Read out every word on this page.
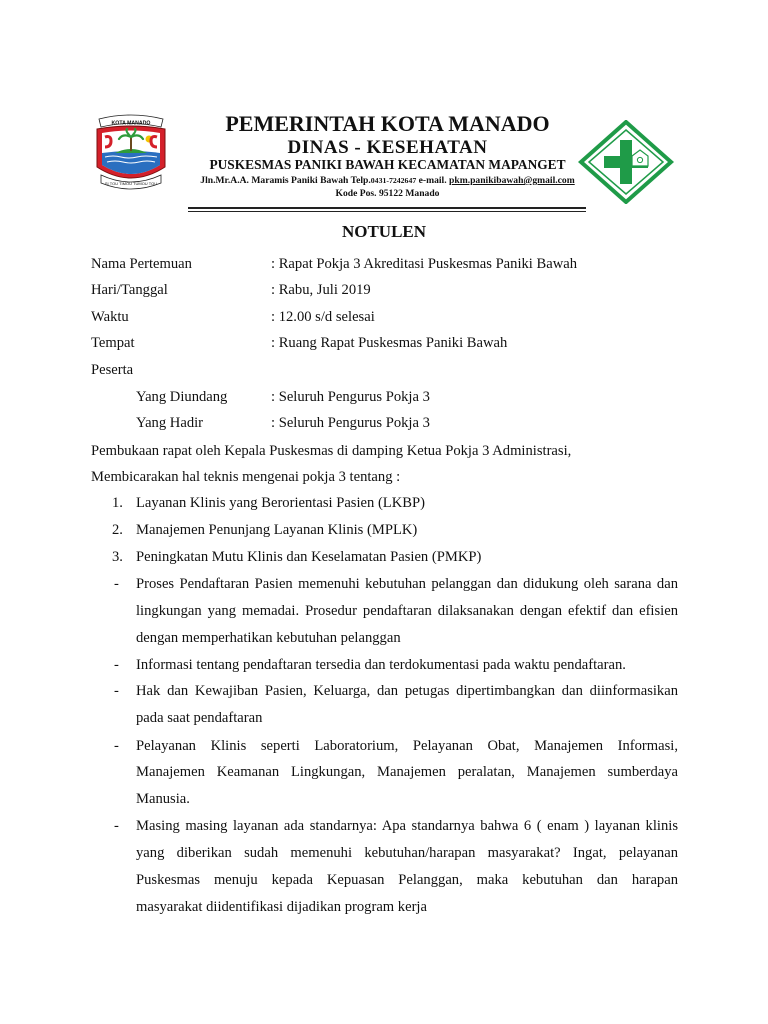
KOTA MANADO
SI TOU TIMOU TUMOU TOU
PEMERINTAH KOTA MANADO
DINAS - KESEHATAN
PUSKESMAS PANIKI BAWAH KECAMATAN MAPANGET
Jln.Mr.A.A. Maramis Paniki Bawah Telp.0431-7242647 e-mail. pkm.panikibawah@gmail.com
Kode Pos. 95122 Manado
NOTULEN
Nama Pertemuan	: Rapat Pokja 3 Akreditasi Puskesmas Paniki Bawah
Hari/Tanggal	: Rabu, Juli 2019
Waktu	: 12.00 s/d selesai
Tempat	: Ruang Rapat Puskesmas Paniki Bawah
Peserta
Yang Diundang	: Seluruh Pengurus Pokja 3
Yang Hadir	: Seluruh Pengurus Pokja 3
Pembukaan rapat oleh Kepala Puskesmas di damping Ketua Pokja 3 Administrasi,
Membicarakan hal teknis mengenai pokja 3 tentang :
1. Layanan Klinis yang Berorientasi Pasien (LKBP)
2. Manajemen Penunjang Layanan Klinis (MPLK)
3. Peningkatan Mutu Klinis dan Keselamatan Pasien (PMKP)
- Proses Pendaftaran Pasien memenuhi kebutuhan pelanggan dan didukung oleh sarana dan
lingkungan yang memadai. Prosedur pendaftaran dilaksanakan dengan efektif dan efisien
dengan memperhatikan kebutuhan pelanggan
- Informasi tentang pendaftaran tersedia dan terdokumentasi pada waktu pendaftaran.
- Hak dan Kewajiban Pasien, Keluarga, dan petugas dipertimbangkan dan diinformasikan
pada saat pendaftaran
- Pelayanan Klinis seperti Laboratorium, Pelayanan Obat, Manajemen Informasi,
Manajemen Keamanan Lingkungan, Manajemen peralatan, Manajemen sumberdaya
Manusia.
- Masing masing layanan ada standarnya: Apa standarnya bahwa 6 ( enam ) layanan klinis
yang diberikan sudah memenuhi kebutuhan/harapan masyarakat? Ingat, pelayanan
Puskesmas menuju kepada Kepuasan Pelanggan, maka kebutuhan dan harapan
masyarakat diidentifikasi dijadikan program kerja
